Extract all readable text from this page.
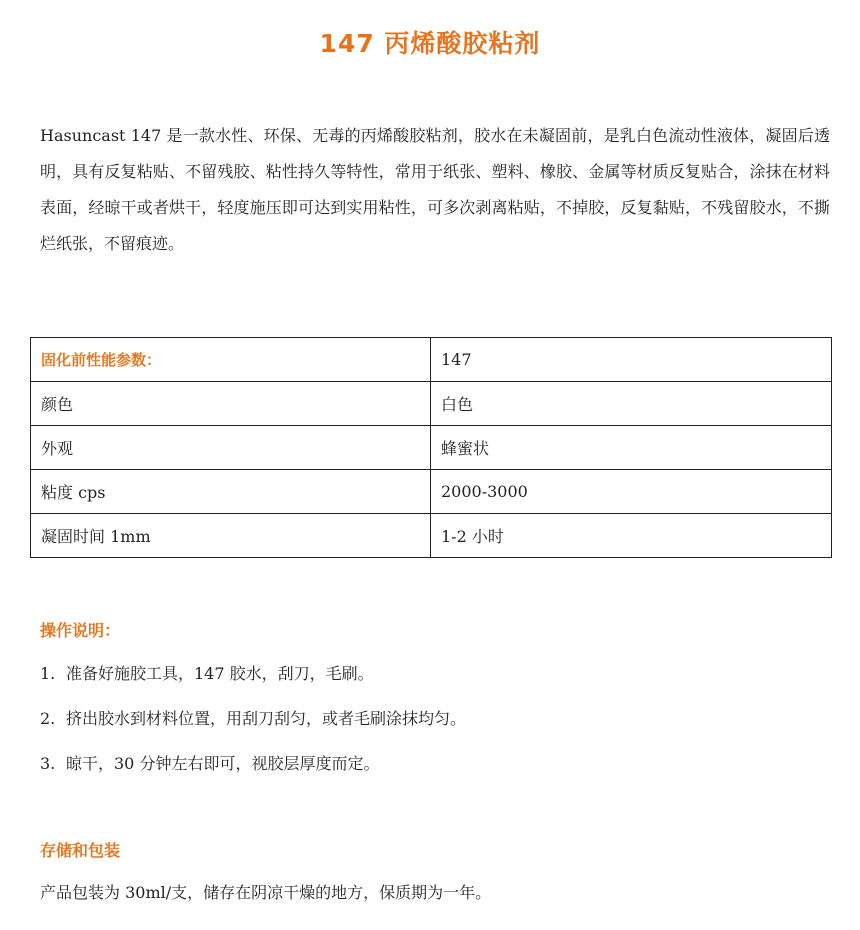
147 丙烯酸胶粘剂

Hasuncast 147 是一款水性、环保、无毒的丙烯酸胶粘剂，胶水在未凝固前，是乳白色流动性液体，凝固后透明，具有反复粘贴、不留残胶、粘性持久等特性，常用于纸张、塑料、橡胶、金属等材质反复贴合，涂抹在材料表面，经晾干或者烘干，轻度施压即可达到实用粘性，可多次剥离粘贴，不掉胶，反复黏贴，不残留胶水，不撕烂纸张，不留痕迹。

固化前性能参数：	147
颜色	白色
外观	蜂蜜状
粘度 cps	2000-3000
凝固时间 1mm	1-2 小时
操作说明：
1. 准备好施胶工具，147 胶水，刮刀，毛刷。
2. 挤出胶水到材料位置，用刮刀刮匀，或者毛刷涂抹均匀。
3. 晾干，30 分钟左右即可，视胶层厚度而定。
存储和包装
产品包装为 30ml/支，储存在阴凉干燥的地方，保质期为一年。
